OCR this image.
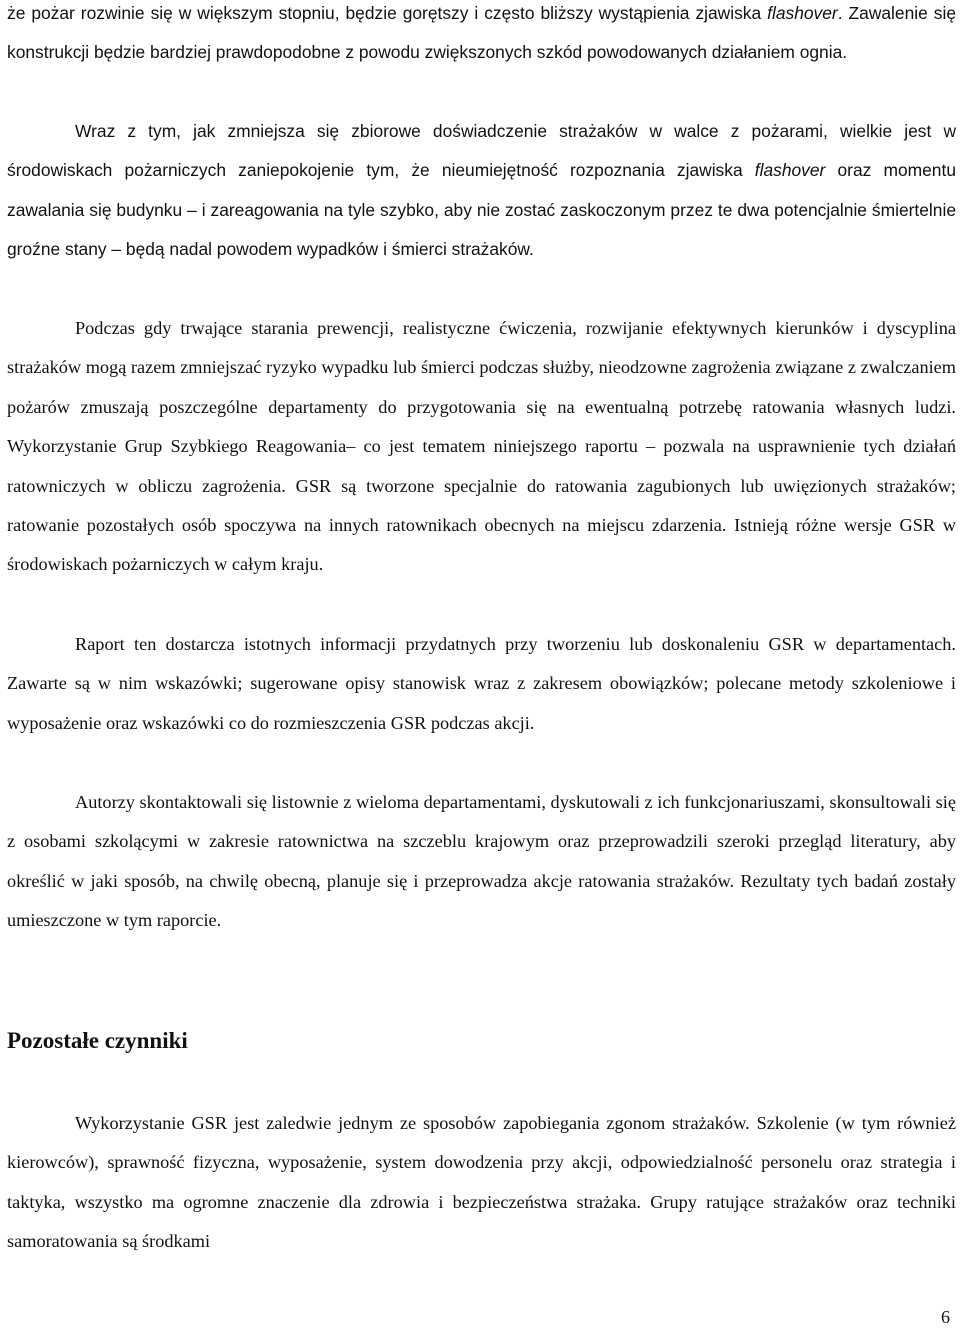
że pożar rozwinie się w większym stopniu, będzie gorętszy i często bliższy wystąpienia zjawiska flashover. Zawalenie się konstrukcji będzie bardziej prawdopodobne z powodu zwiększonych szkód powodowanych działaniem ognia.

Wraz z tym, jak zmniejsza się zbiorowe doświadczenie strażaków w walce z pożarami, wielkie jest w środowiskach pożarniczych zaniepokojenie tym, że nieumiejętność rozpoznania zjawiska flashover oraz momentu zawalania się budynku – i zareagowania na tyle szybko, aby nie zostać zaskoczonym przez te dwa potencjalnie śmiertelnie groźne stany – będą nadal powodem wypadków i śmierci strażaków.

Podczas gdy trwające starania prewencji, realistyczne ćwiczenia, rozwijanie efektywnych kierunków i dyscyplina strażaków mogą razem zmniejszać ryzyko wypadku lub śmierci podczas służby, nieodzowne zagrożenia związane z zwalczaniem pożarów zmuszają poszczególne departamenty do przygotowania się na ewentualną potrzebę ratowania własnych ludzi. Wykorzystanie Grup Szybkiego Reagowania– co jest tematem niniejszego raportu – pozwala na usprawnienie tych działań ratowniczych w obliczu zagrożenia. GSR są tworzone specjalnie do ratowania zagubionych lub uwięzionych strażaków; ratowanie pozostałych osób spoczywa na innych ratownikach obecnych na miejscu zdarzenia. Istnieją różne wersje GSR w środowiskach pożarniczych w całym kraju.

Raport ten dostarcza istotnych informacji przydatnych przy tworzeniu lub doskonaleniu GSR w departamentach. Zawarte są w nim wskazówki; sugerowane opisy stanowisk wraz z zakresem obowiązków; polecane metody szkoleniowe i wyposażenie oraz wskazówki co do rozmieszczenia GSR podczas akcji.

Autorzy skontaktowali się listownie z wieloma departamentami, dyskutowali z ich funkcjonariuszami, skonsultowali się z osobami szkolącymi w zakresie ratownictwa na szczeblu krajowym oraz przeprowadzili szeroki przegląd literatury, aby określić w jaki sposób, na chwilę obecną, planuje się i przeprowadza akcje ratowania strażaków. Rezultaty tych badań zostały umieszczone w tym raporcie.

Pozostałe czynniki

Wykorzystanie GSR jest zaledwie jednym ze sposobów zapobiegania zgonom strażaków. Szkolenie (w tym również kierowców), sprawność fizyczna, wyposażenie, system dowodzenia przy akcji, odpowiedzialność personelu oraz strategia i taktyka, wszystko ma ogromne znaczenie dla zdrowia i bezpieczeństwa strażaka. Grupy ratujące strażaków oraz techniki samoratowania są środkami

6
